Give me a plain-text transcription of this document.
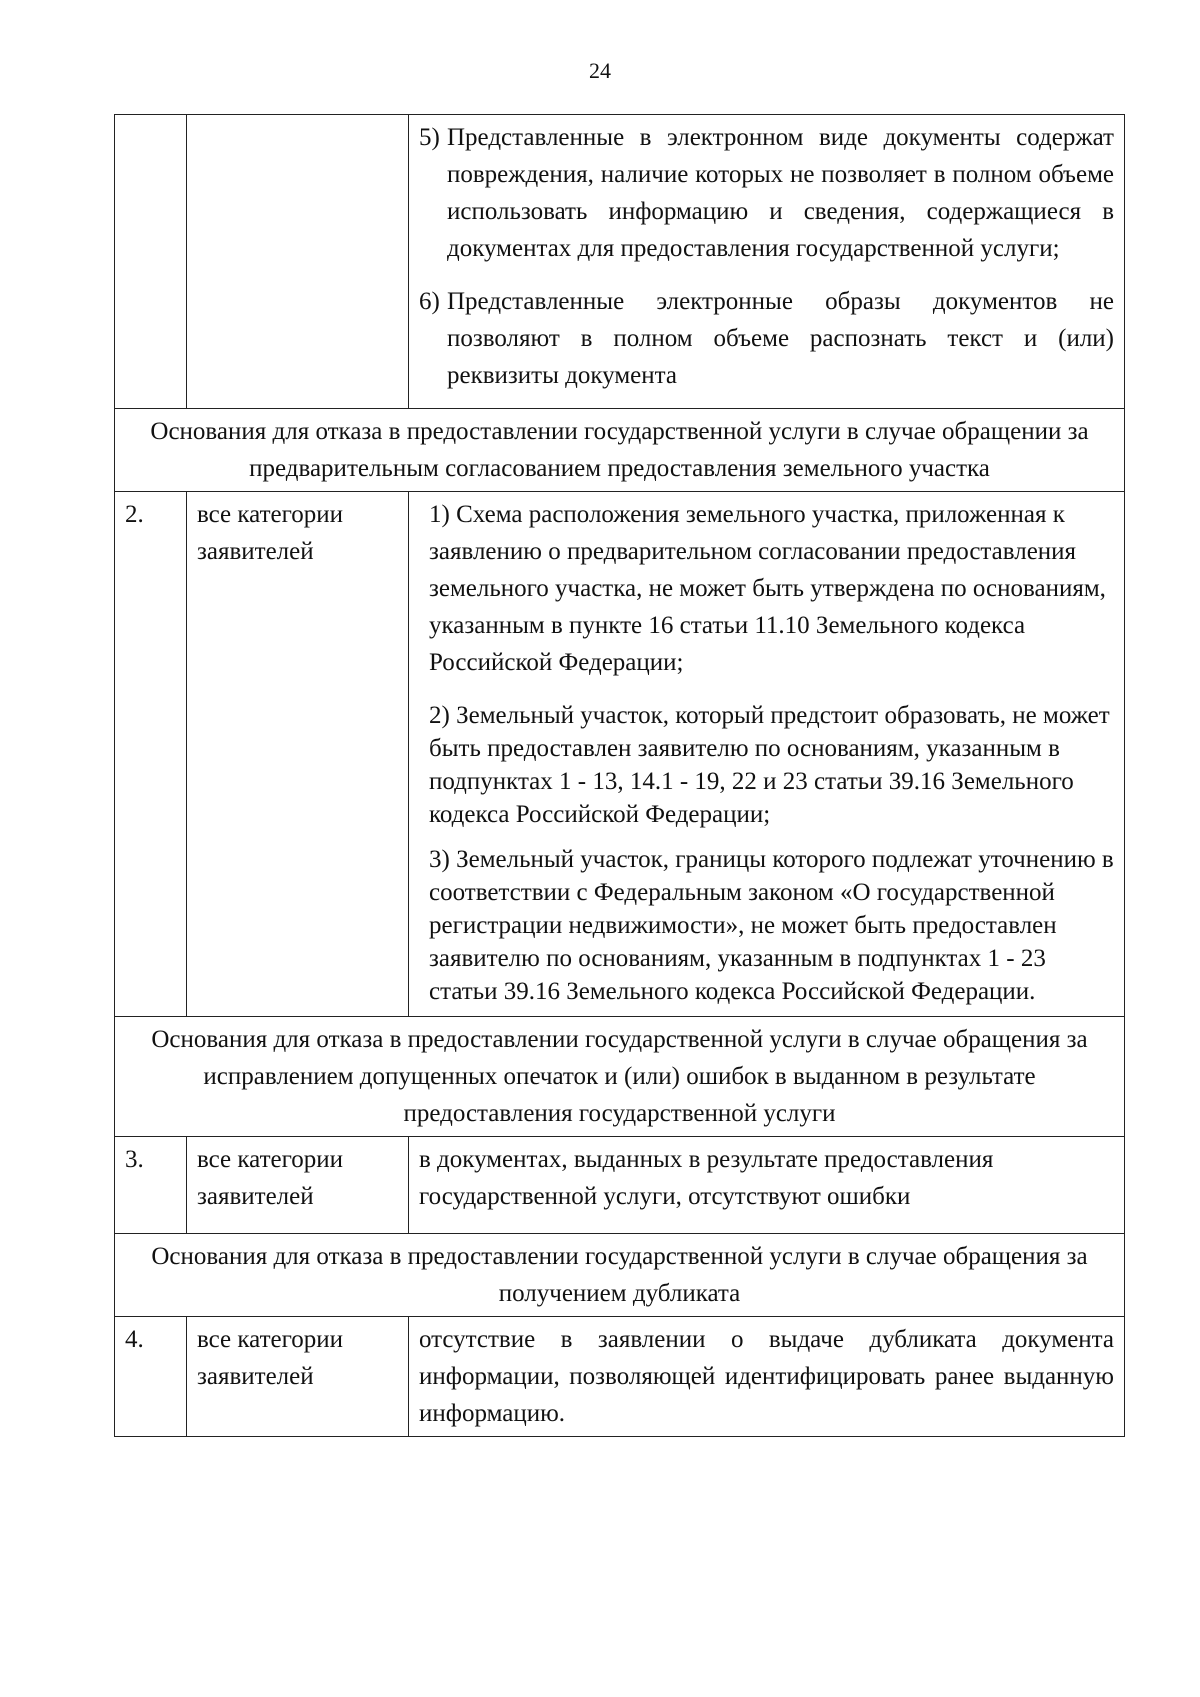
24

		5) Представленные в электронном виде документы содержат повреждения, наличие которых не позволяет в полном объеме использовать информацию и сведения, содержащиеся в документах для предоставления государственной услуги;
6) Представленные электронные образы документов не позволяют в полном объеме распознать текст и (или) реквизиты документа

Основания для отказа в предоставлении государственной услуги в случае обращении за предварительным согласованием предоставления земельного участка		
2.	все категории заявителей	1) Схема расположения земельного участка, приложенная к заявлению о предварительном согласовании предоставления земельного участка, не может быть утверждена по основаниям, указанным в пункте 16 статьи 11.10 Земельного кодекса Российской Федерации;

2) Земельный участок, который предстоит образовать, не может быть предоставлен заявителю по основаниям, указанным в подпунктах 1 - 13, 14.1 - 19, 22 и 23 статьи 39.16 Земельного кодекса Российской Федерации;

3) Земельный участок, границы которого подлежат уточнению в соответствии с Федеральным законом «О государственной регистрации недвижимости», не может быть предоставлен заявителю по основаниям, указанным в подпунктах 1 - 23 статьи 39.16 Земельного кодекса Российской Федерации.

Основания для отказа в предоставлении государственной услуги в случае обращения за исправлением допущенных опечаток и (или) ошибок в выданном в результате предоставления государственной услуги		
3.	все категории заявителей	в документах, выданных в результате предоставления государственной услуги, отсутствуют ошибки
Основания для отказа в предоставлении государственной услуги в случае обращения за получением дубликата		
4.	все категории заявителей	отсутствие в заявлении о выдаче дубликата документа информации, позволяющей идентифицировать ранее выданную информацию.
